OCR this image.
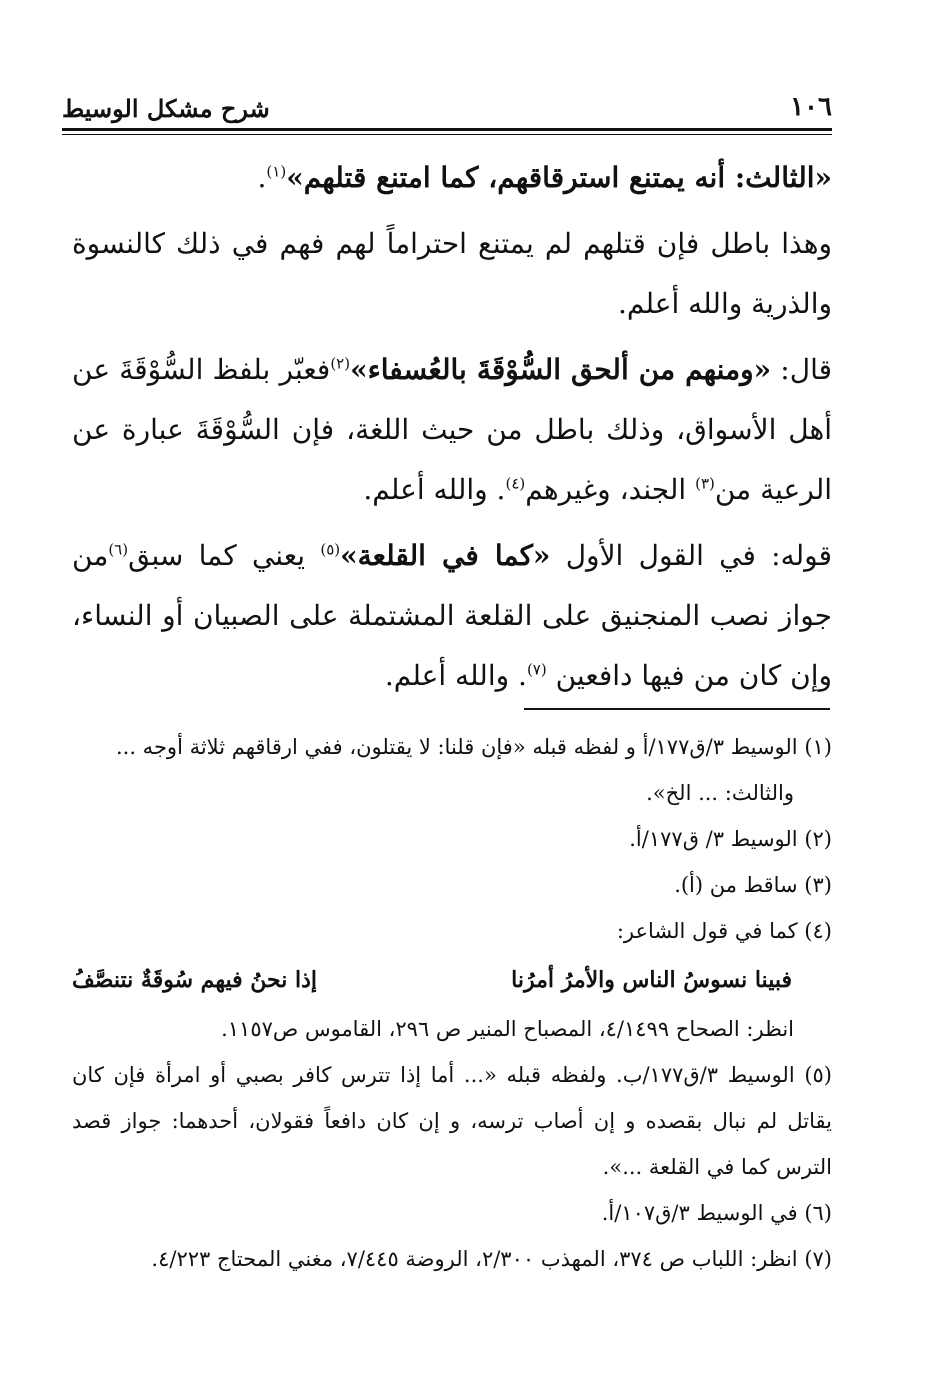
١٠٦
شرح مشكل الوسيط

«الثالث: أنه يمتنع استرقاقهم، كما امتنع قتلهم»$^{(١)}$.

وهذا باطل فإن قتلهم لم يمتنع احتراماً لهم فهم في ذلك كالنسوة والذرية والله أعلم.

قال: «ومنهم من ألحق السُّوْقَةَ بالعُسفاء»$^{(٢)}$فعبّر بلفظ السُّوْقَةَ عن أهل الأسواق، وذلك باطل من حيث اللغة، فإن السُّوْقَةَ عبارة عن الرعية من$^{(٣)}$ الجند، وغيرهم$^{(٤)}$. والله أعلم.

قوله: في القول الأول «كما في القلعة»$^{(٥)}$ يعني كما سبق$^{(٦)}$من جواز نصب المنجنيق على القلعة المشتملة على الصبيان أو النساء، وإن كان من فيها دافعين $^{(٧)}$. والله أعلم.

(١) الوسيط ٣/ق١٧٧/أ و لفظه قبله «فإن قلنا: لا يقتلون، ففي ارقاقهم ثلاثة أوجه ...

والثالث: ... الخ».

(٢) الوسيط ٣/ ق١٧٧/أ.

(٣) ساقط من (أ).

(٤) كما في قول الشاعر:

فبينا نسوسُ الناس والأمرُ أمرُنا
إذا نحنُ فيهم سُوقَةٌ نتنصَّفُ

انظر: الصحاح ٤/١٤٩٩، المصباح المنير ص ٢٩٦، القاموس ص١١٥٧.

(٥) الوسيط ٣/ق١٧٧/ب. ولفظه قبله «... أما إذا تترس كافر بصبي أو امرأة فإن كان يقاتل لم نبال بقصده و إن أصاب ترسه، و إن كان دافعاً فقولان، أحدهما: جواز قصد الترس كما في القلعة ...».

(٦) في الوسيط ٣/ق١٠٧/أ.

(٧) انظر: اللباب ص ٣٧٤، المهذب ٢/٣٠٠، الروضة ٧/٤٤٥، مغني المحتاج ٤/٢٢٣.
